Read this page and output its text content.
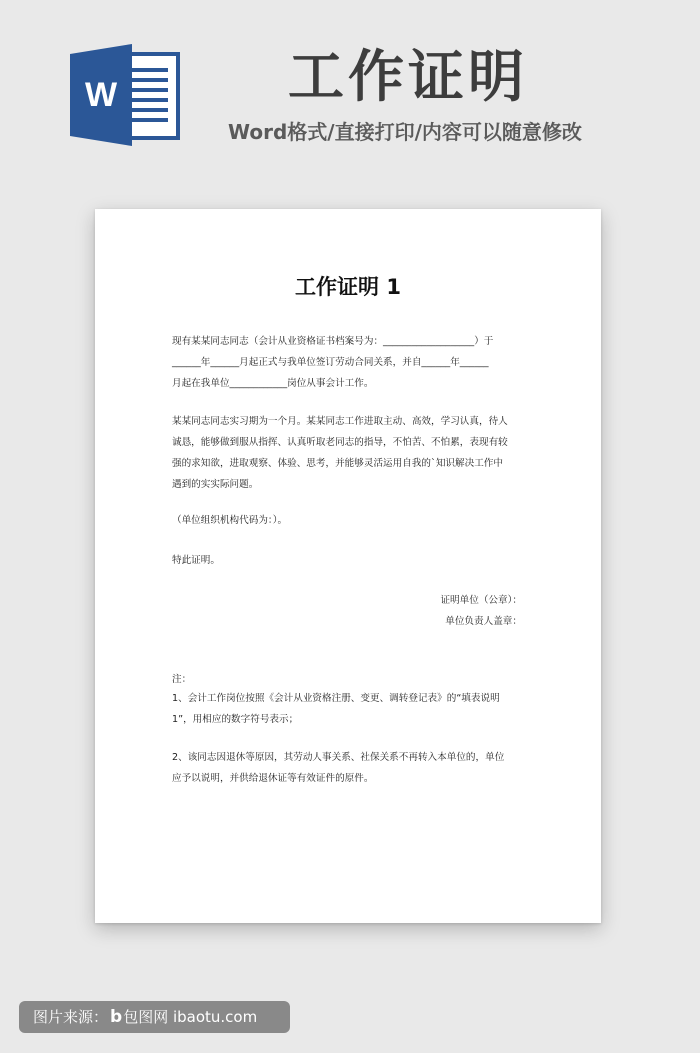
W	工作证明
Word格式/直接打印/内容可以随意修改
工作证明 1
现有某某同志同志（会计从业资格证书档案号为：___________________）于
______年______月起正式与我单位签订劳动合同关系，并自______年______
月起在我单位____________岗位从事会计工作。
某某同志同志实习期为一个月。某某同志工作进取主动、高效，学习认真，待人
诚恳，能够做到服从指挥、认真听取老同志的指导，不怕苦、不怕累，表现有较
强的求知欲，进取观察、体验、思考，并能够灵活运用自我的`知识解决工作中
遇到的实实际问题。
（单位组织机构代码为：）。
特此证明。
证明单位（公章）：
单位负责人盖章：
注：
1、会计工作岗位按照《会计从业资格注册、变更、调转登记表》的“填表说明
1”，用相应的数字符号表示；
2、该同志因退休等原因，其劳动人事关系、社保关系不再转入本单位的，单位
应予以说明，并供给退休证等有效证件的原件。
图片来源： b包图网 ibaotu.com
